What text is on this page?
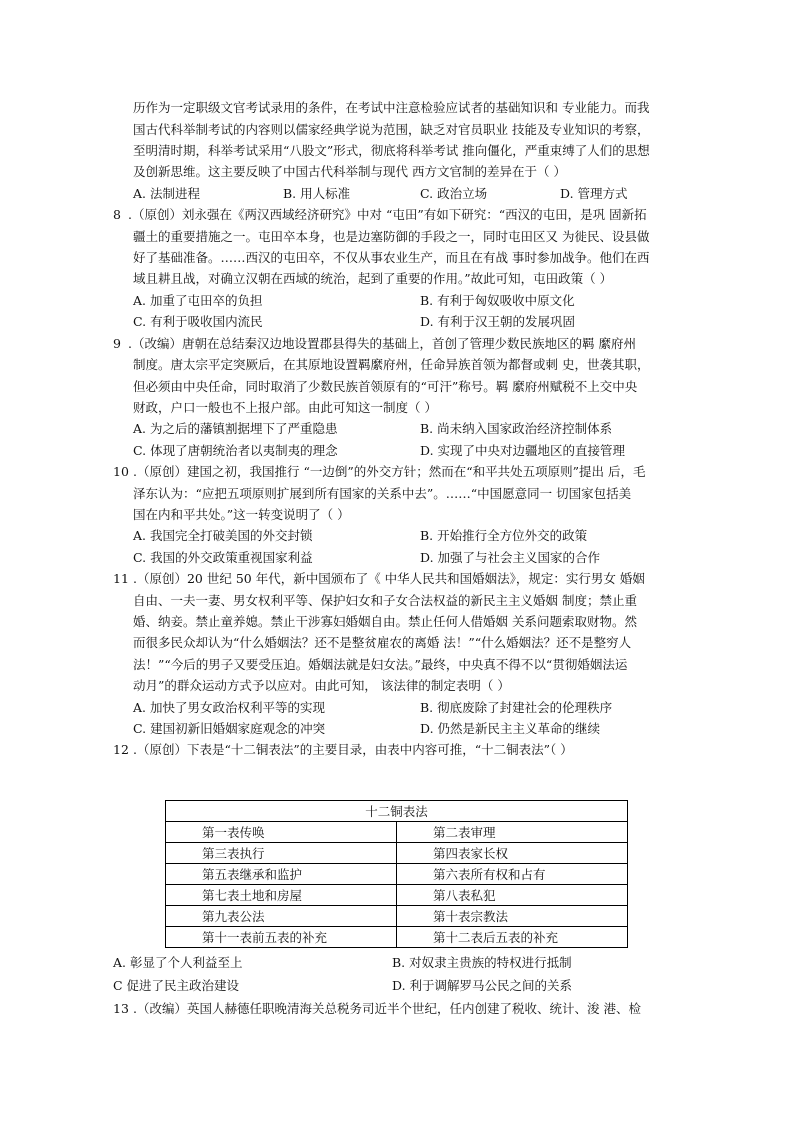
历作为一定职级文官考试录用的条件，在考试中注意检验应试者的基础知识和 专业能力。而我
国古代科举制考试的内容则以儒家经典学说为范围，缺乏对官员职业 技能及专业知识的考察，
至明清时期，科举考试采用“八股文”形式，彻底将科举考试 推向僵化，严重束缚了人们的思想
及创新思维。这主要反映了中国古代科举制与现代 西方文官制的差异在于（ ）
A. 法制进程	B. 用人标准	C. 政治立场	D. 管理方式
8 .（原创）刘永强在《两汉西域经济研究》中对 “屯田”有如下研究：“西汉的屯田，是巩 固新拓
疆土的重要措施之一。屯田卒本身，也是边塞防御的手段之一，同时屯田区又 为徙民、设县做
好了基础准备。……西汉的屯田卒，不仅从事农业生产，而且在有战 事时参加战争。他们在西
域且耕且战，对确立汉朝在西域的统治，起到了重要的作用。”故此可知，屯田政策（ ）
A. 加重了屯田卒的负担	B. 有利于匈奴吸收中原文化
C. 有利于吸收国内流民	D. 有利于汉王朝的发展巩固
9 .（改编）唐朝在总结秦汉边地设置郡县得失的基础上，首创了管理少数民族地区的羁 縻府州
制度。唐太宗平定突厥后，在其原地设置羁縻府州，任命异族首领为都督或刺 史，世袭其职，
但必须由中央任命，同时取消了少数民族首领原有的“可汗”称号。羁 縻府州赋税不上交中央
财政，户口一般也不上报户部。由此可知这一制度（ ）
A. 为之后的藩镇割据埋下了严重隐患	B. 尚未纳入国家政治经济控制体系
C. 体现了唐朝统治者以夷制夷的理念	D. 实现了中央对边疆地区的直接管理
10 .（原创）建国之初，我国推行 “一边倒”的外交方针；然而在“和平共处五项原则”提出 后，毛
泽东认为：“应把五项原则扩展到所有国家的关系中去”。……“中国愿意同一 切国家包括美
国在内和平共处。”这一转变说明了（ ）
A. 我国完全打破美国的外交封锁	B. 开始推行全方位外交的政策
C. 我国的外交政策重视国家利益	D. 加强了与社会主义国家的合作
11 .（原创）20 世纪 50 年代，新中国颁布了《 中华人民共和国婚姻法》，规定：实行男女 婚姻
自由、一夫一妻、男女权利平等、保护妇女和子女合法权益的新民主主义婚姻 制度；禁止重
婚、纳妾。禁止童养媳。禁止干涉寡妇婚姻自由。禁止任何人借婚姻 关系问题索取财物。然
而很多民众却认为“什么婚姻法？还不是整贫雇农的离婚 法！”“什么婚姻法？还不是整穷人
法！”“今后的男子又要受压迫。婚姻法就是妇女法。”最终，中央真不得不以“贯彻婚姻法运
动月”的群众运动方式予以应对。由此可知， 该法律的制定表明（ ）
A. 加快了男女政治权利平等的实现	B. 彻底废除了封建社会的伦理秩序
C. 建国初新旧婚姻家庭观念的冲突	D. 仍然是新民主主义革命的继续
12 .（原创）下表是“十二铜表法”的主要目录，由表中内容可推，“十二铜表法”（ ）
十二铜表法	
第一表传唤	第二表审理
第三表执行	第四表家长权
第五表继承和监护	第六表所有权和占有
第七表土地和房屋	第八表私犯
第九表公法	第十表宗教法
第十一表前五表的补充	第十二表后五表的补充
A. 彰显了个人利益至上	B. 对奴隶主贵族的特权进行抵制
C 促进了民主政治建设	D. 利于调解罗马公民之间的关系
13 .（改编）英国人赫德任职晚清海关总税务司近半个世纪，任内创建了税收、统计、浚 港、检
